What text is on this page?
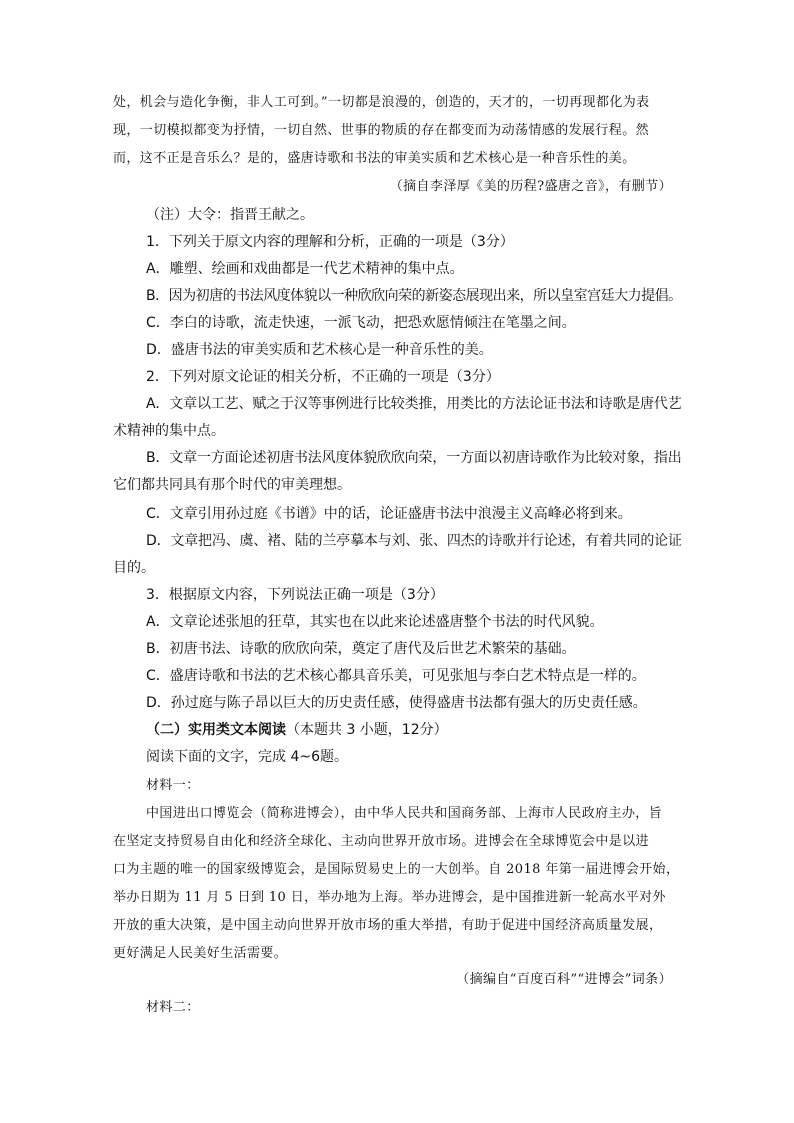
处，机会与造化争衡，非人工可到。”一切都是浪漫的，创造的，天才的，一切再现都化为表
现，一切模拟都变为抒情，一切自然、世事的物质的存在都变而为动荡情感的发展行程。然
而，这不正是音乐么？是的，盛唐诗歌和书法的审美实质和艺术核心是一种音乐性的美。
（摘自李泽厚《美的历程?盛唐之音》，有删节）
（注）大令：指晋王献之。
1．下列关于原文内容的理解和分析，正确的一项是（3分）
A．雕塑、绘画和戏曲都是一代艺术精神的集中点。
B．因为初唐的书法风度体貌以一种欣欣向荣的新姿态展现出来，所以皇室宫廷大力提倡。
C．李白的诗歌，流走快速，一派飞动，把恐欢愿情倾注在笔墨之间。
D．盛唐书法的审美实质和艺术核心是一种音乐性的美。
2．下列对原文论证的相关分析，不正确的一项是（3分）
A．文章以工艺、赋之于汉等事例进行比较类推，用类比的方法论证书法和诗歌是唐代艺
术精神的集中点。
B．文章一方面论述初唐书法风度体貌欣欣向荣，一方面以初唐诗歌作为比较对象，指出
它们都共同具有那个时代的审美理想。
C．文章引用孙过庭《书谱》中的话，论证盛唐书法中浪漫主义高峰必将到来。
D．文章把冯、虞、褚、陆的兰亭摹本与刘、张、四杰的诗歌并行论述，有着共同的论证
目的。
3．根据原文内容，下列说法正确一项是（3分）
A．文章论述张旭的狂草，其实也在以此来论述盛唐整个书法的时代风貌。
B．初唐书法、诗歌的欣欣向荣，奠定了唐代及后世艺术繁荣的基础。
C．盛唐诗歌和书法的艺术核心都具音乐美，可见张旭与李白艺术特点是一样的。
D．孙过庭与陈子昂以巨大的历史责任感，使得盛唐书法都有强大的历史责任感。
（二）实用类文本阅读（本题共 3 小题，12分）
阅读下面的文字，完成 4~6题。
材料一：
中国进出口博览会（简称进博会），由中华人民共和国商务部、上海市人民政府主办，旨
在坚定支持贸易自由化和经济全球化、主动向世界开放市场。进博会在全球博览会中是以进
口为主题的唯一的国家级博览会，是国际贸易史上的一大创举。自 2018 年第一届进博会开始，
举办日期为 11 月 5 日到 10 日，举办地为上海。举办进博会，是中国推进新一轮高水平对外
开放的重大决策，是中国主动向世界开放市场的重大举措，有助于促进中国经济高质量发展，
更好满足人民美好生活需要。
（摘编自“百度百科”“进博会”词条）
材料二：
